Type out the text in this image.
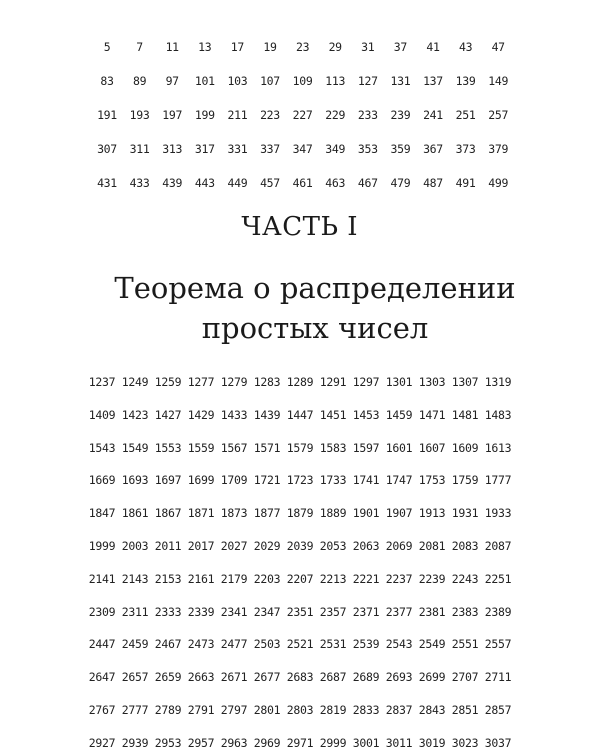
5 7 11 13 17 19 23 29 31 37 41 43 47
83 89 97 101 103 107 109 113 127 131 137 139 149
191 193 197 199 211 223 227 229 233 239 241 251 257
307 311 313 317 331 337 347 349 353 359 367 373 379
431 433 439 443 449 457 461 463 467 479 487 491 499
ЧАСТЬ I
Теорема о распределении
простых чисел
1237 1249 1259 1277 1279 1283 1289 1291 1297 1301 1303 1307 1319
1409 1423 1427 1429 1433 1439 1447 1451 1453 1459 1471 1481 1483
1543 1549 1553 1559 1567 1571 1579 1583 1597 1601 1607 1609 1613
1669 1693 1697 1699 1709 1721 1723 1733 1741 1747 1753 1759 1777
1847 1861 1867 1871 1873 1877 1879 1889 1901 1907 1913 1931 1933
1999 2003 2011 2017 2027 2029 2039 2053 2063 2069 2081 2083 2087
2141 2143 2153 2161 2179 2203 2207 2213 2221 2237 2239 2243 2251
2309 2311 2333 2339 2341 2347 2351 2357 2371 2377 2381 2383 2389
2447 2459 2467 2473 2477 2503 2521 2531 2539 2543 2549 2551 2557
2647 2657 2659 2663 2671 2677 2683 2687 2689 2693 2699 2707 2711
2767 2777 2789 2791 2797 2801 2803 2819 2833 2837 2843 2851 2857
2927 2939 2953 2957 2963 2969 2971 2999 3001 3011 3019 3023 3037
